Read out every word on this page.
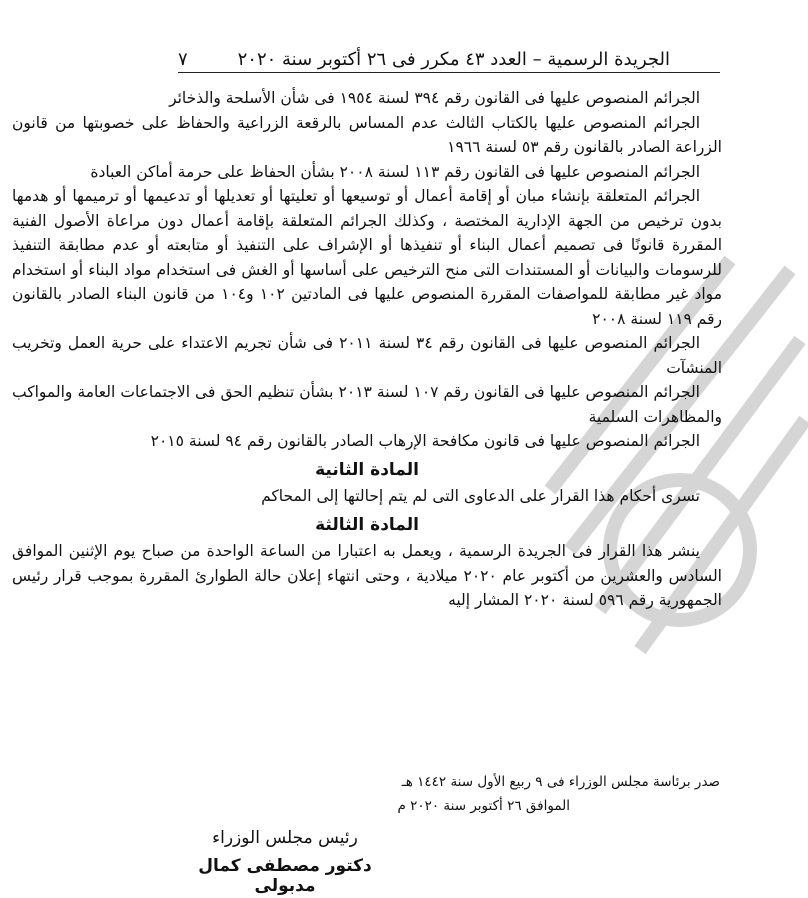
الجريدة الرسمية – العدد ٤٣ مكرر فى ٢٦ أكتوبر سنة ٢٠٢٠
٧

الجرائم المنصوص عليها فى القانون رقم ٣٩٤ لسنة ١٩٥٤ فى شأن الأسلحة والذخائر

الجرائم المنصوص عليها بالكتاب الثالث عدم المساس بالرقعة الزراعية والحفاظ على خصوبتها من قانون الزراعة الصادر بالقانون رقم ٥٣ لسنة ١٩٦٦

الجرائم المنصوص عليها فى القانون رقم ١١٣ لسنة ٢٠٠٨ بشأن الحفاظ على حرمة أماكن العبادة

الجرائم المتعلقة بإنشاء مبان أو إقامة أعمال أو توسيعها أو تعليتها أو تعديلها أو تدعيمها أو ترميمها أو هدمها بدون ترخيص من الجهة الإدارية المختصة ، وكذلك الجرائم المتعلقة بإقامة أعمال دون مراعاة الأصول الفنية المقررة قانونًا فى تصميم أعمال البناء أو تنفيذها أو الإشراف على التنفيذ أو متابعته أو عدم مطابقة التنفيذ للرسومات والبيانات أو المستندات التى منح الترخيص على أساسها أو الغش فى استخدام مواد البناء أو استخدام مواد غير مطابقة للمواصفات المقررة المنصوص عليها فى المادتين ١٠٢ و١٠٤ من قانون البناء الصادر بالقانون رقم ١١٩ لسنة ٢٠٠٨

الجرائم المنصوص عليها فى القانون رقم ٣٤ لسنة ٢٠١١ فى شأن تجريم الاعتداء على حرية العمل وتخريب المنشآت

الجرائم المنصوص عليها فى القانون رقم ١٠٧ لسنة ٢٠١٣ بشأن تنظيم الحق فى الاجتماعات العامة والمواكب والمظاهرات السلمية

الجرائم المنصوص عليها فى قانون مكافحة الإرهاب الصادر بالقانون رقم ٩٤ لسنة ٢٠١٥

المادة الثانية

تسرى أحكام هذا القرار على الدعاوى التى لم يتم إحالتها إلى المحاكم

المادة الثالثة

ينشر هذا القرار فى الجريدة الرسمية ، ويعمل به اعتبارا من الساعة الواحدة من صباح يوم الإثنين الموافق السادس والعشرين من أكتوبر عام ٢٠٢٠ ميلادية ، وحتى انتهاء إعلان حالة الطوارئ المقررة بموجب قرار رئيس الجمهورية رقم ٥٩٦ لسنة ٢٠٢٠ المشار إليه

صدر برئاسة مجلس الوزراء فى ٩ ربيع الأول سنة ١٤٤٢ هـ

الموافق ٢٦ أكتوبر سنة ٢٠٢٠ م

رئيس مجلس الوزراء
دكتور مصطفى كمال مدبولى
